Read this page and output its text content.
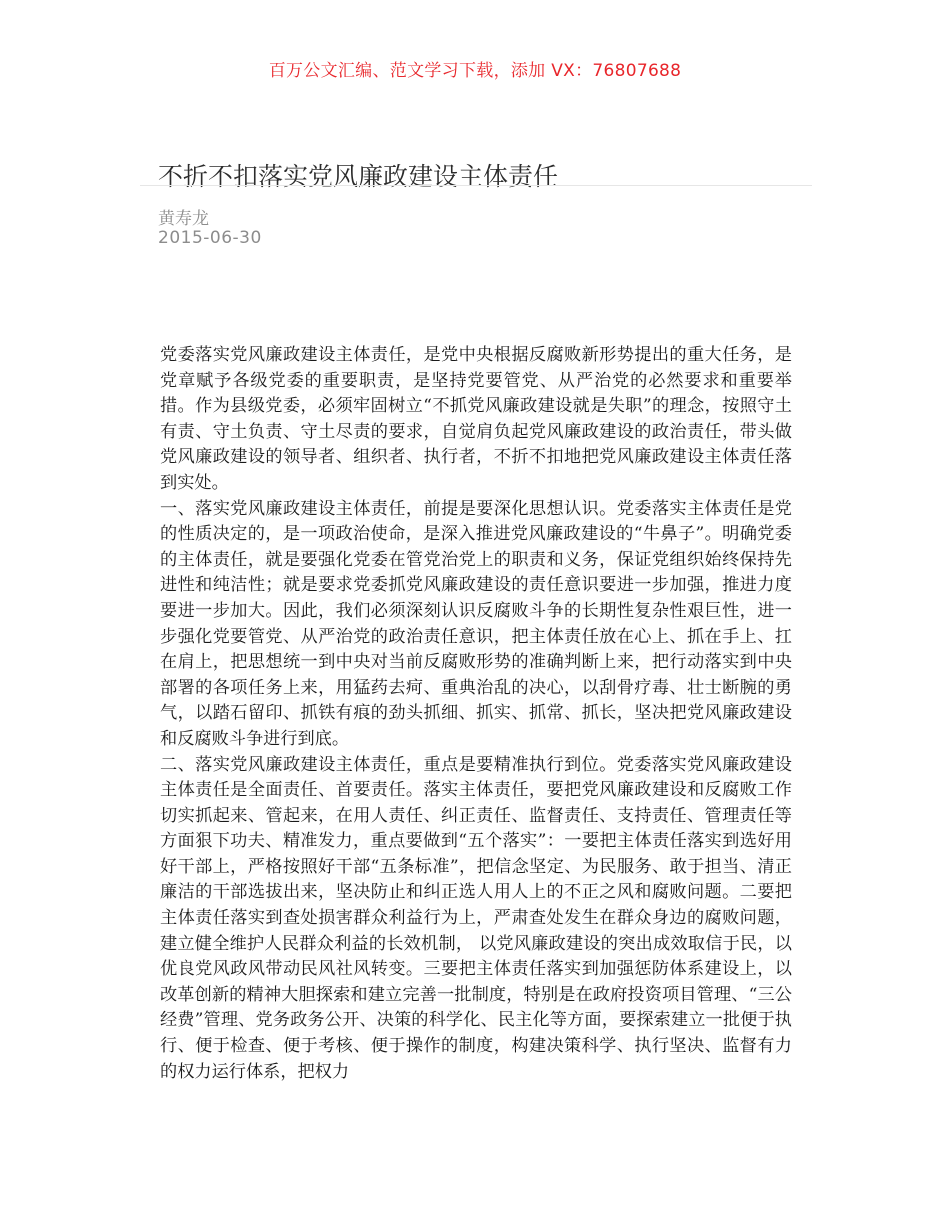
百万公文汇编、范文学习下载，添加 VX：76807688
不折不扣落实党风廉政建设主体责任
黄寿龙
2015-06-30

党委落实党风廉政建设主体责任，是党中央根据反腐败新形势提出的重大任务，是党章赋予各级党委的重要职责，是坚持党要管党、从严治党的必然要求和重要举措。作为县级党委，必须牢固树立“不抓党风廉政建设就是失职”的理念，按照守土有责、守土负责、守土尽责的要求，自觉肩负起党风廉政建设的政治责任，带头做党风廉政建设的领导者、组织者、执行者，不折不扣地把党风廉政建设主体责任落到实处。

一、落实党风廉政建设主体责任，前提是要深化思想认识。党委落实主体责任是党的性质决定的，是一项政治使命，是深入推进党风廉政建设的“牛鼻子”。明确党委的主体责任，就是要强化党委在管党治党上的职责和义务，保证党组织始终保持先进性和纯洁性；就是要求党委抓党风廉政建设的责任意识要进一步加强，推进力度要进一步加大。因此，我们必须深刻认识反腐败斗争的长期性复杂性艰巨性，进一步强化党要管党、从严治党的政治责任意识，把主体责任放在心上、抓在手上、扛在肩上，把思想统一到中央对当前反腐败形势的准确判断上来，把行动落实到中央部署的各项任务上来，用猛药去疴、重典治乱的决心，以刮骨疗毒、壮士断腕的勇气，以踏石留印、抓铁有痕的劲头抓细、抓实、抓常、抓长，坚决把党风廉政建设和反腐败斗争进行到底。

二、落实党风廉政建设主体责任，重点是要精准执行到位。党委落实党风廉政建设主体责任是全面责任、首要责任。落实主体责任，要把党风廉政建设和反腐败工作切实抓起来、管起来，在用人责任、纠正责任、监督责任、支持责任、管理责任等方面狠下功夫、精准发力，重点要做到“五个落实”：一要把主体责任落实到选好用好干部上，严格按照好干部“五条标准”，把信念坚定、为民服务、敢于担当、清正廉洁的干部选拔出来，坚决防止和纠正选人用人上的不正之风和腐败问题。二要把主体责任落实到查处损害群众利益行为上，严肃查处发生在群众身边的腐败问题，建立健全维护人民群众利益的长效机制， 以党风廉政建设的突出成效取信于民，以优良党风政风带动民风社风转变。三要把主体责任落实到加强惩防体系建设上，以改革创新的精神大胆探索和建立完善一批制度，特别是在政府投资项目管理、“三公经费”管理、党务政务公开、决策的科学化、民主化等方面，要探索建立一批便于执行、便于检查、便于考核、便于操作的制度，构建决策科学、执行坚决、监督有力的权力运行体系，把权力
